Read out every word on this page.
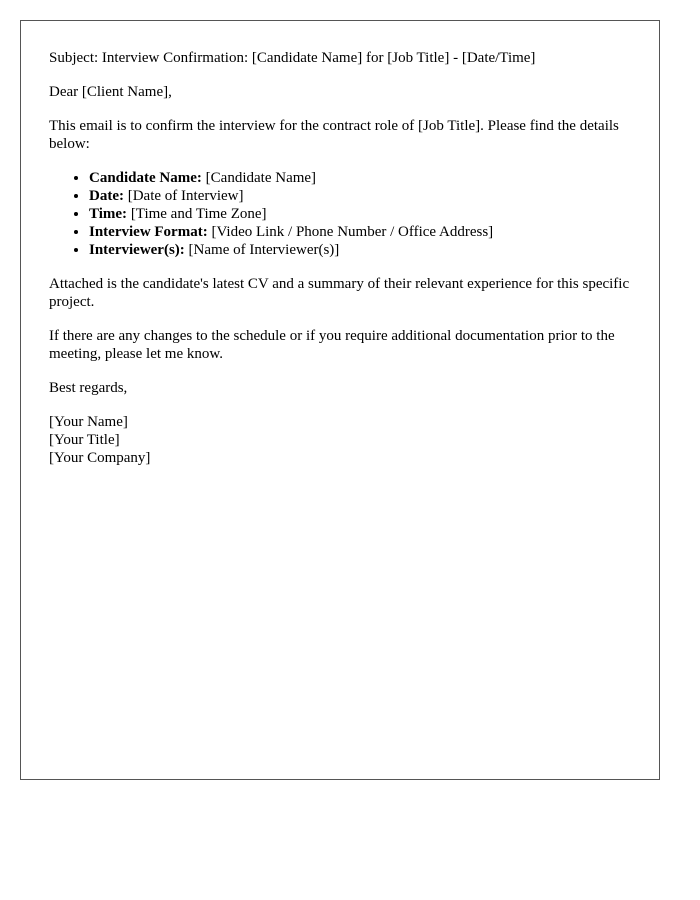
Subject: Interview Confirmation: [Candidate Name] for [Job Title] - [Date/Time]

Dear [Client Name],

This email is to confirm the interview for the contract role of [Job Title]. Please find the details below:

• Candidate Name: [Candidate Name]
• Date: [Date of Interview]
• Time: [Time and Time Zone]
• Interview Format: [Video Link / Phone Number / Office Address]
• Interviewer(s): [Name of Interviewer(s)]

Attached is the candidate's latest CV and a summary of their relevant experience for this specific project.

If there are any changes to the schedule or if you require additional documentation prior to the meeting, please let me know.

Best regards,

[Your Name]
[Your Title]
[Your Company]
